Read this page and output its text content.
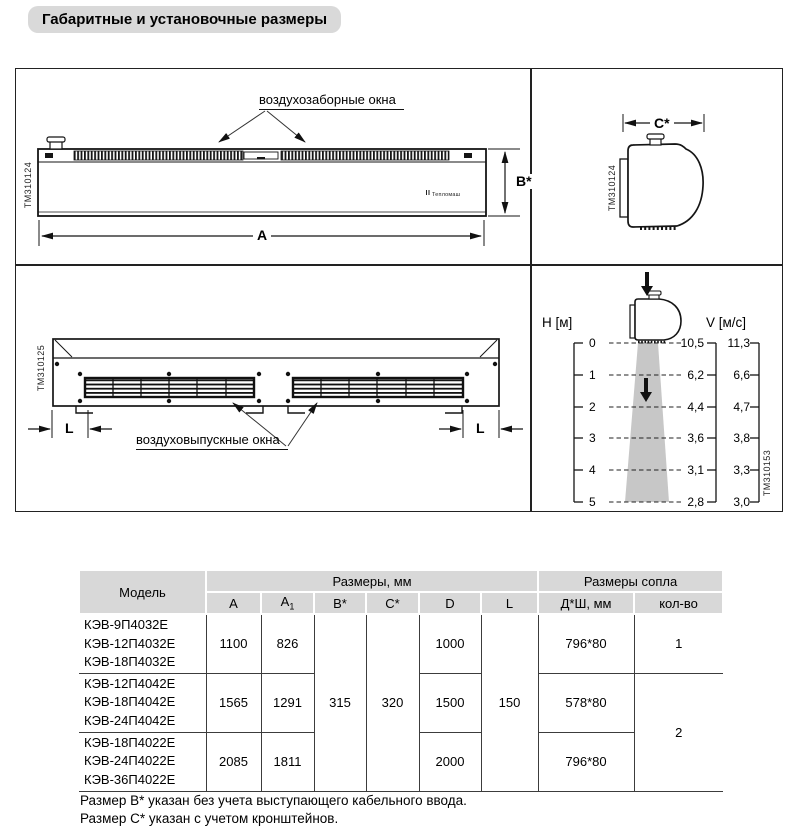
Габаритные и установочные размеры
воздухозаборные окна
B*
A
Тепломаш
ТМ310124
C*
ТМ310124
L	L
воздуховыпускные окна
ТМ310125
H [м]	V [м/с]
0
1
2
3
4
5
10,5
6,2
4,4
3,6
3,1
2,8
11,3
6,6
4,7
3,8
3,3
3,0
ТМ310153
Модель	Размеры, мм						Размеры сопла	
	A	$A_1$	B*	C*	D	L	Д*Ш, мм	кол-во

КЭВ-9П4032Е
КЭВ-12П4032Е
КЭВ-18П4032Е	1100	826	315	320	1000	150	796*80	1

КЭВ-12П4042Е
КЭВ-18П4042Е
КЭВ-24П4042Е	1565	1291			1500		578*80	2

КЭВ-18П4022Е
КЭВ-24П4022Е
КЭВ-36П4022Е	2085	1811			2000		796*80	
Размер В* указан без учета выступающего кабельного ввода.
Размер С* указан с учетом кронштейнов.
